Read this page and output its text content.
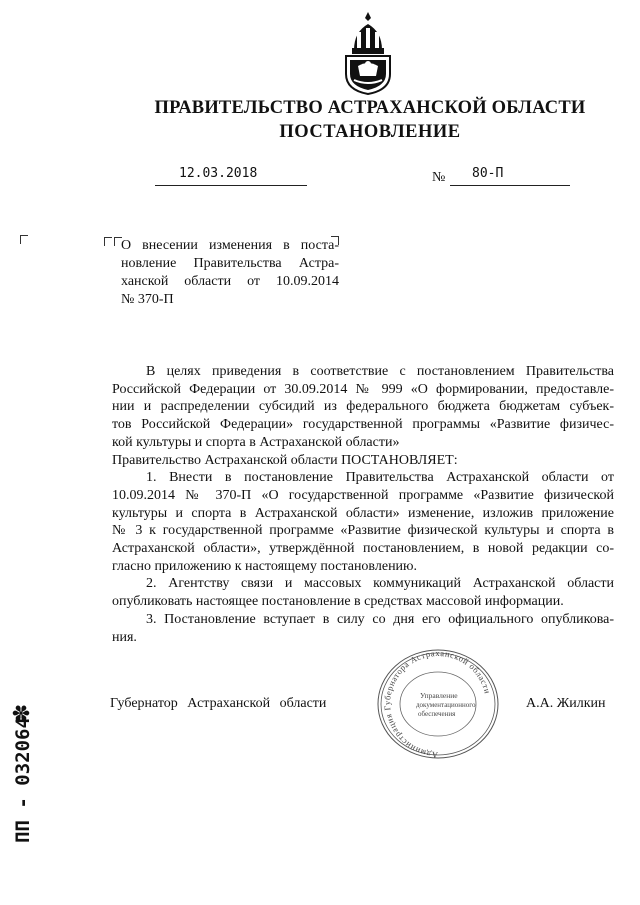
ПРАВИТЕЛЬСТВО АСТРАХАНСКОЙ ОБЛАСТИ
ПОСТАНОВЛЕНИЕ
12.03.2018	№	80-П
О внесении изменения в поста-
новление Правительства Астра-
ханской области от 10.09.2014
№ 370-П
В целях приведения в соответствие с постановлением Правительства
Российской Федерации от 30.09.2014 № 999 «О формировании, предоставле-
нии и распределении субсидий из федерального бюджета бюджетам субъек-
тов Российской Федерации» государственной программы «Развитие физичес-
кой культуры и спорта в Астраханской области»
Правительство Астраханской области ПОСТАНОВЛЯЕТ:
1. Внести в постановление Правительства Астраханской области от
10.09.2014 № 370-П «О государственной программе «Развитие физической
культуры и спорта в Астраханской области» изменение, изложив приложение
№ 3 к государственной программе «Развитие физической культуры и спорта в
Астраханской области», утверждённой постановлением, в новой редакции со-
гласно приложению к настоящему постановлению.
2. Агентству связи и массовых коммуникаций Астраханской области
опубликовать настоящее постановление в средствах массовой информации.
3. Постановление вступает в силу со дня его официального опубликова-
ния.
Администрация Губернатора Астраханской области
Управление
документационного
обеспечения
Губернатор Астраханской области	А.А. Жилкин
✽
ПП - 032064
